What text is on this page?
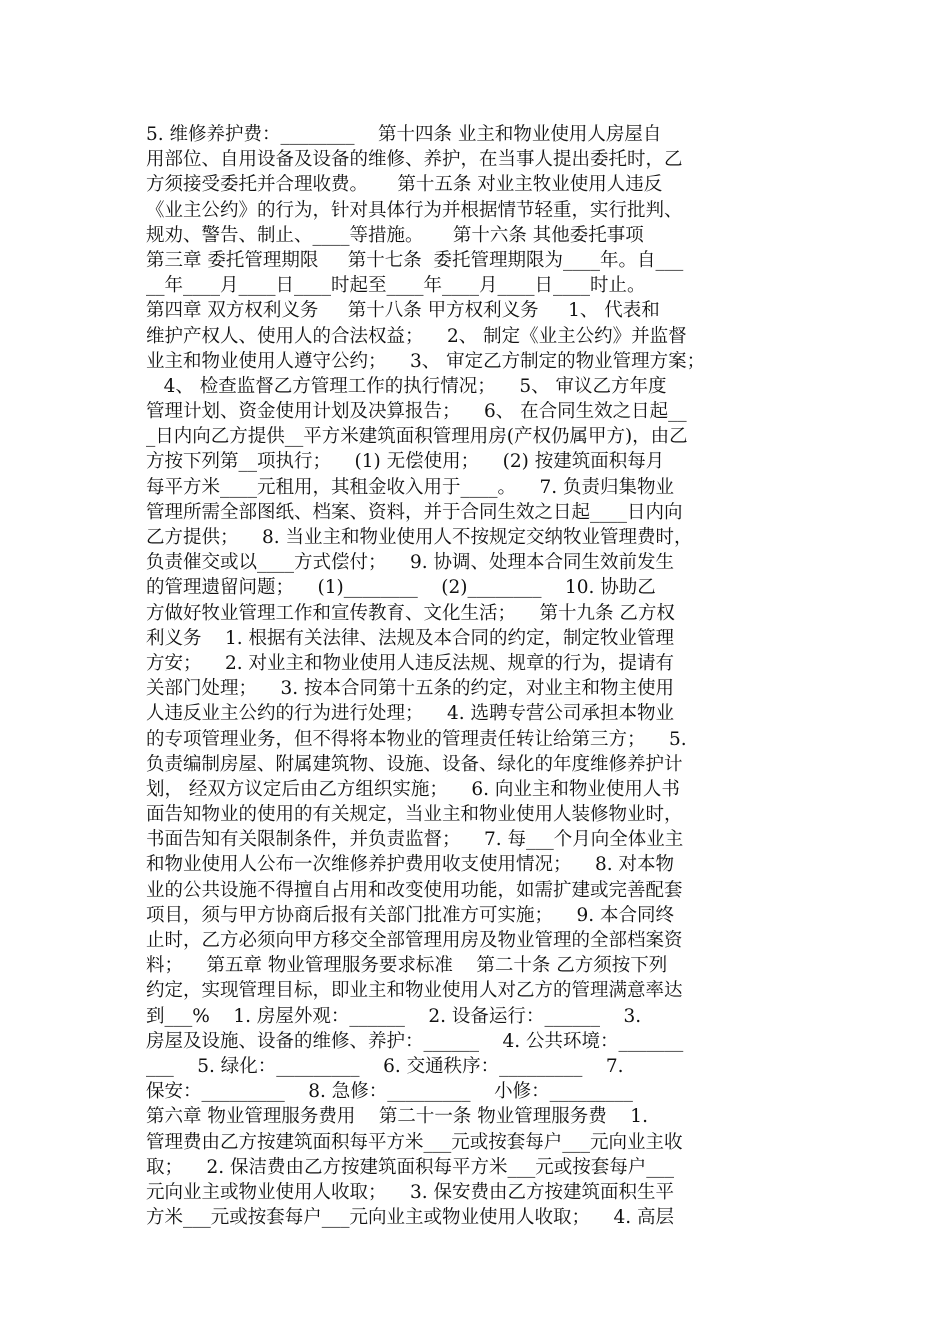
5. 维修养护费：________    第十四条 业主和物业使用人房屋自
用部位、自用设备及设备的维修、养护，在当事人提出委托时，乙
方须接受委托并合理收费。     第十五条 对业主牧业使用人违反
《业主公约》的行为，针对具体行为并根据情节轻重，实行批判、
规劝、警告、制止、____等措施。     第十六条 其他委托事项
第三章 委托管理期限     第十七条  委托管理期限为____年。自___
__年____月____日____时起至____年____月____日____时止。
第四章 双方权利义务     第十八条 甲方权利义务     1、 代表和
维护产权人、使用人的合法权益；    2、 制定《业主公约》并监督
业主和物业使用人遵守公约；    3、 审定乙方制定的物业管理方案；
4、 检查监督乙方管理工作的执行情况；    5、 审议乙方年度
管理计划、资金使用计划及决算报告；    6、 在合同生效之日起__
_日内向乙方提供__平方米建筑面积管理用房(产权仍属甲方)，由乙
方按下列第__项执行；    (1) 无偿使用；    (2) 按建筑面积每月
每平方米____元租用，其租金收入用于____。    7. 负责归集物业
管理所需全部图纸、档案、资料，并于合同生效之日起____日内向
乙方提供；    8. 当业主和物业使用人不按规定交纳牧业管理费时，
负责催交或以____方式偿付；    9. 协调、处理本合同生效前发生
的管理遗留问题；    (1)________    (2)________    10. 协助乙
方做好牧业管理工作和宣传教育、文化生活；    第十九条 乙方权
利义务    1. 根据有关法律、法规及本合同的约定，制定牧业管理
方安；    2. 对业主和物业使用人违反法规、规章的行为，提请有
关部门处理；    3. 按本合同第十五条的约定，对业主和物主使用
人违反业主公约的行为进行处理；    4. 选聘专营公司承担本物业
的专项管理业务，但不得将本物业的管理责任转让给第三方；    5.
负责编制房屋、附属建筑物、设施、设备、绿化的年度维修养护计
划， 经双方议定后由乙方组织实施；    6. 向业主和物业使用人书
面告知物业的使用的有关规定，当业主和物业使用人装修物业时，
书面告知有关限制条件，并负责监督；    7. 每___个月向全体业主
和物业使用人公布一次维修养护费用收支使用情况；    8. 对本物
业的公共设施不得擅自占用和改变使用功能，如需扩建或完善配套
项目，须与甲方协商后报有关部门批准方可实施；    9. 本合同终
止时，乙方必须向甲方移交全部管理用房及物业管理的全部档案资
料；    第五章 物业管理服务要求标准    第二十条 乙方须按下列
约定，实现管理目标，即业主和物业使用人对乙方的管理满意率达
到___%    1. 房屋外观：______    2. 设备运行：______    3.
房屋及设施、设备的维修、养护：______    4. 公共环境：_______
___    5. 绿化：_________    6. 交通秩序：_________    7.
保安：_________    8. 急修：_________    小修：_________
第六章 物业管理服务费用    第二十一条 物业管理服务费    1.
管理费由乙方按建筑面积每平方米___元或按套每户___元向业主收
取；    2. 保洁费由乙方按建筑面积每平方米___元或按套每户___
元向业主或物业使用人收取；    3. 保安费由乙方按建筑面积生平
方米___元或按套每户___元向业主或物业使用人收取；    4. 高层
